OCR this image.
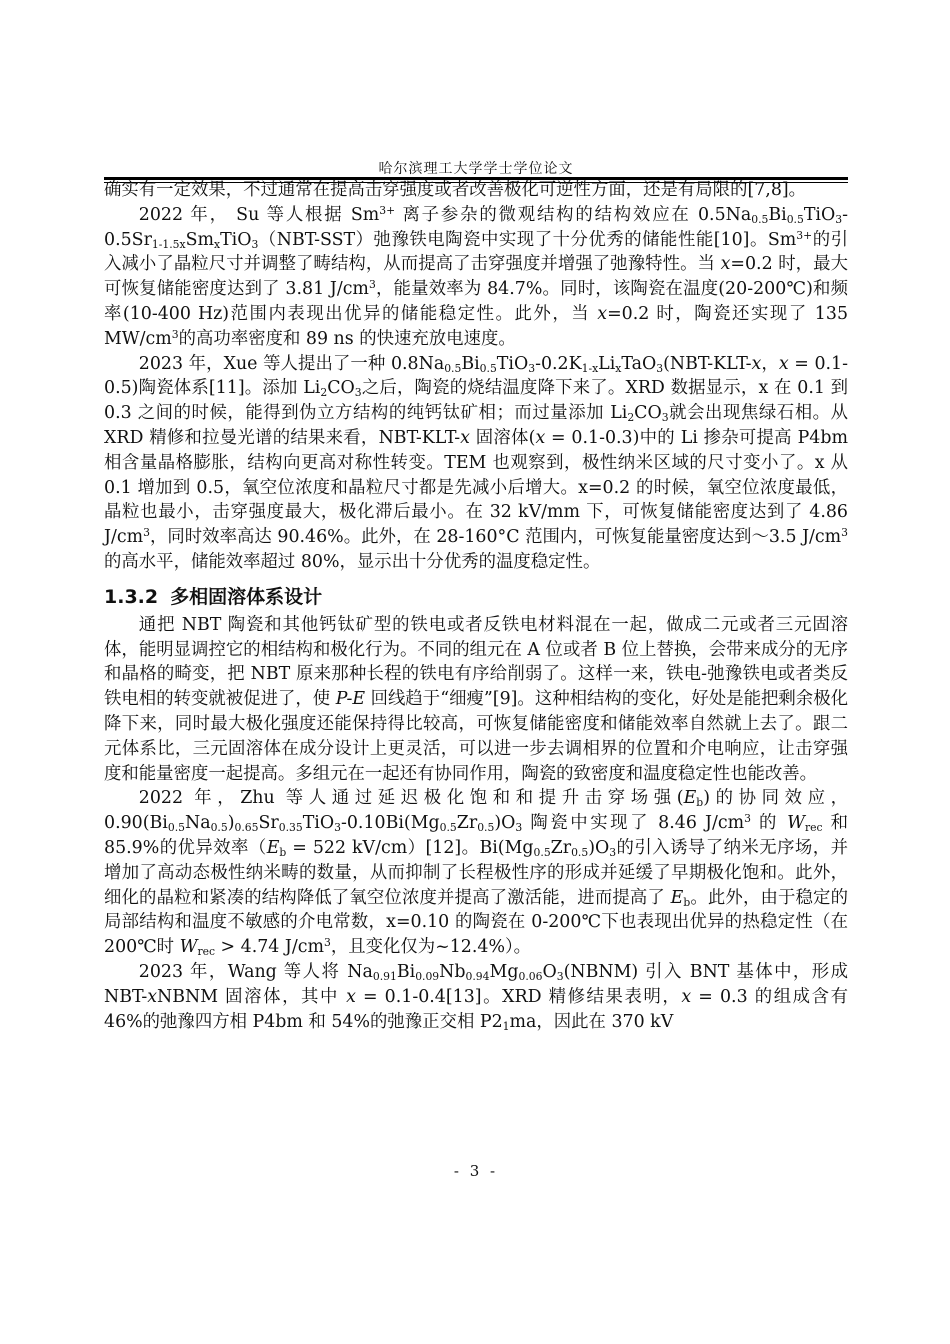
哈尔滨理工大学学士学位论文

确实有一定效果，不过通常在提高击穿强度或者改善极化可逆性方面，还是有局限的[7,8]。

2022 年， Su 等人根据 $Sm^{3+}$ 离子参杂的微观结构的结构效应在 $0.5Na_{0.5}Bi_{0.5}TiO_3-0.5Sr_{1-1.5x}Sm_xTiO_3(NBT-SST)$弛豫铁电陶瓷中实现了十分优秀的储能性能[10]。$Sm^{3+}$的引入减小了晶粒尺寸并调整了畴结构，从而提高了击穿强度并增强了弛豫特性。当 x=0.2 时，最大可恢复储能密度达到了 3.81 $J/cm^3$，能量效率为 84.7%。同时，该陶瓷在温度(20-200℃)和频率(10-400 Hz)范围内表现出优异的储能稳定性。此外，当 x=0.2 时，陶瓷还实现了 135 $MW/cm^3$的高功率密度和 89 ns 的快速充放电速度。

2023 年，Xue 等人提出了一种 $0.8Na_{0.5}Bi_{0.5}TiO_3-0.2K_{1-x}Li_xTaO_3(NBT-KLT-x$，x = 0.1-0.5)陶瓷体系[11]。添加 $Li_2CO_3$之后，陶瓷的烧结温度降下来了。XRD 数据显示，x 在 0.1 到 0.3 之间的时候，能得到伪立方结构的纯钙钛矿相；而过量添加 $Li_2CO_3$就会出现焦绿石相。从 XRD 精修和拉曼光谱的结果来看，NBT-KLT-x 固溶体(x = 0.1-0.3)中的 Li 掺杂可提高 P4bm 相含量晶格膨胀，结构向更高对称性转变。TEM 也观察到，极性纳米区域的尺寸变小了。x 从 0.1 增加到 0.5，氧空位浓度和晶粒尺寸都是先减小后增大。x=0.2 的时候，氧空位浓度最低，晶粒也最小，击穿强度最大，极化滞后最小。在 32 kV/mm 下，可恢复储能密度达到了 4.86 $J/cm^3$，同时效率高达 90.46%。此外，在 28-160°C 范围内，可恢复能量密度达到～3.5 $J/cm^3$ 的高水平，储能效率超过 80%，显示出十分优秀的温度稳定性。

1.3.2 多相固溶体系设计

通把 NBT 陶瓷和其他钙钛矿型的铁电或者反铁电材料混在一起，做成二元或者三元固溶体，能明显调控它的相结构和极化行为。不同的组元在 A 位或者 B 位上替换，会带来成分的无序和晶格的畸变，把 NBT 原来那种长程的铁电有序给削弱了。这样一来，铁电-弛豫铁电或者类反铁电相的转变就被促进了，使 P-E 回线趋于“细瘦”[9]。这种相结构的变化，好处是能把剩余极化降下来，同时最大极化强度还能保持得比较高，可恢复储能密度和储能效率自然就上去了。跟二元体系比，三元固溶体在成分设计上更灵活，可以进一步去调相界的位置和介电响应，让击穿强度和能量密度一起提高。多组元在一起还有协同作用，陶瓷的致密度和温度稳定性也能改善。

2022 年，Zhu 等人通过延迟极化饱和和提升击穿场强$(E_b)$的协同效应，$0.90(Bi_{0.5}Na_{0.5})_{0.65}Sr_{0.35}TiO_3-0.10Bi(Mg_{0.5}Zr_{0.5})O_3$ 陶瓷中实现了 8.46 $J/cm^3$ 的 $W_{rec}$ 和 85.9%的优异效率（$E_b = 522$ kV/cm）[12]。$Bi(Mg_{0.5}Zr_{0.5})O_3$的引入诱导了纳米无序场，并增加了高动态极性纳米畴的数量，从而抑制了长程极性序的形成并延缓了早期极化饱和。此外，细化的晶粒和紧凑的结构降低了氧空位浓度并提高了激活能，进而提高了 $E_b$。此外，由于稳定的局部结构和温度不敏感的介电常数，x=0.10 的陶瓷在 0-200℃下也表现出优异的热稳定性（在 200℃时 $W_{rec} > 4.74$ $J/cm^3$，且变化仅为~12.4%）。

2023 年，Wang 等人将 $Na_{0.91}Bi_{0.09}Nb_{0.94}Mg_{0.06}O_3(NBNM)$ 引入 BNT 基体中，形成 NBT-xNBNM 固溶体，其中 x = 0.1-0.4[13]。XRD 精修结果表明，x = 0.3 的组成含有 46%的弛豫四方相 P4bm 和 54%的弛豫正交相 $P2_1ma$，因此在 370 kV

- 3 -
